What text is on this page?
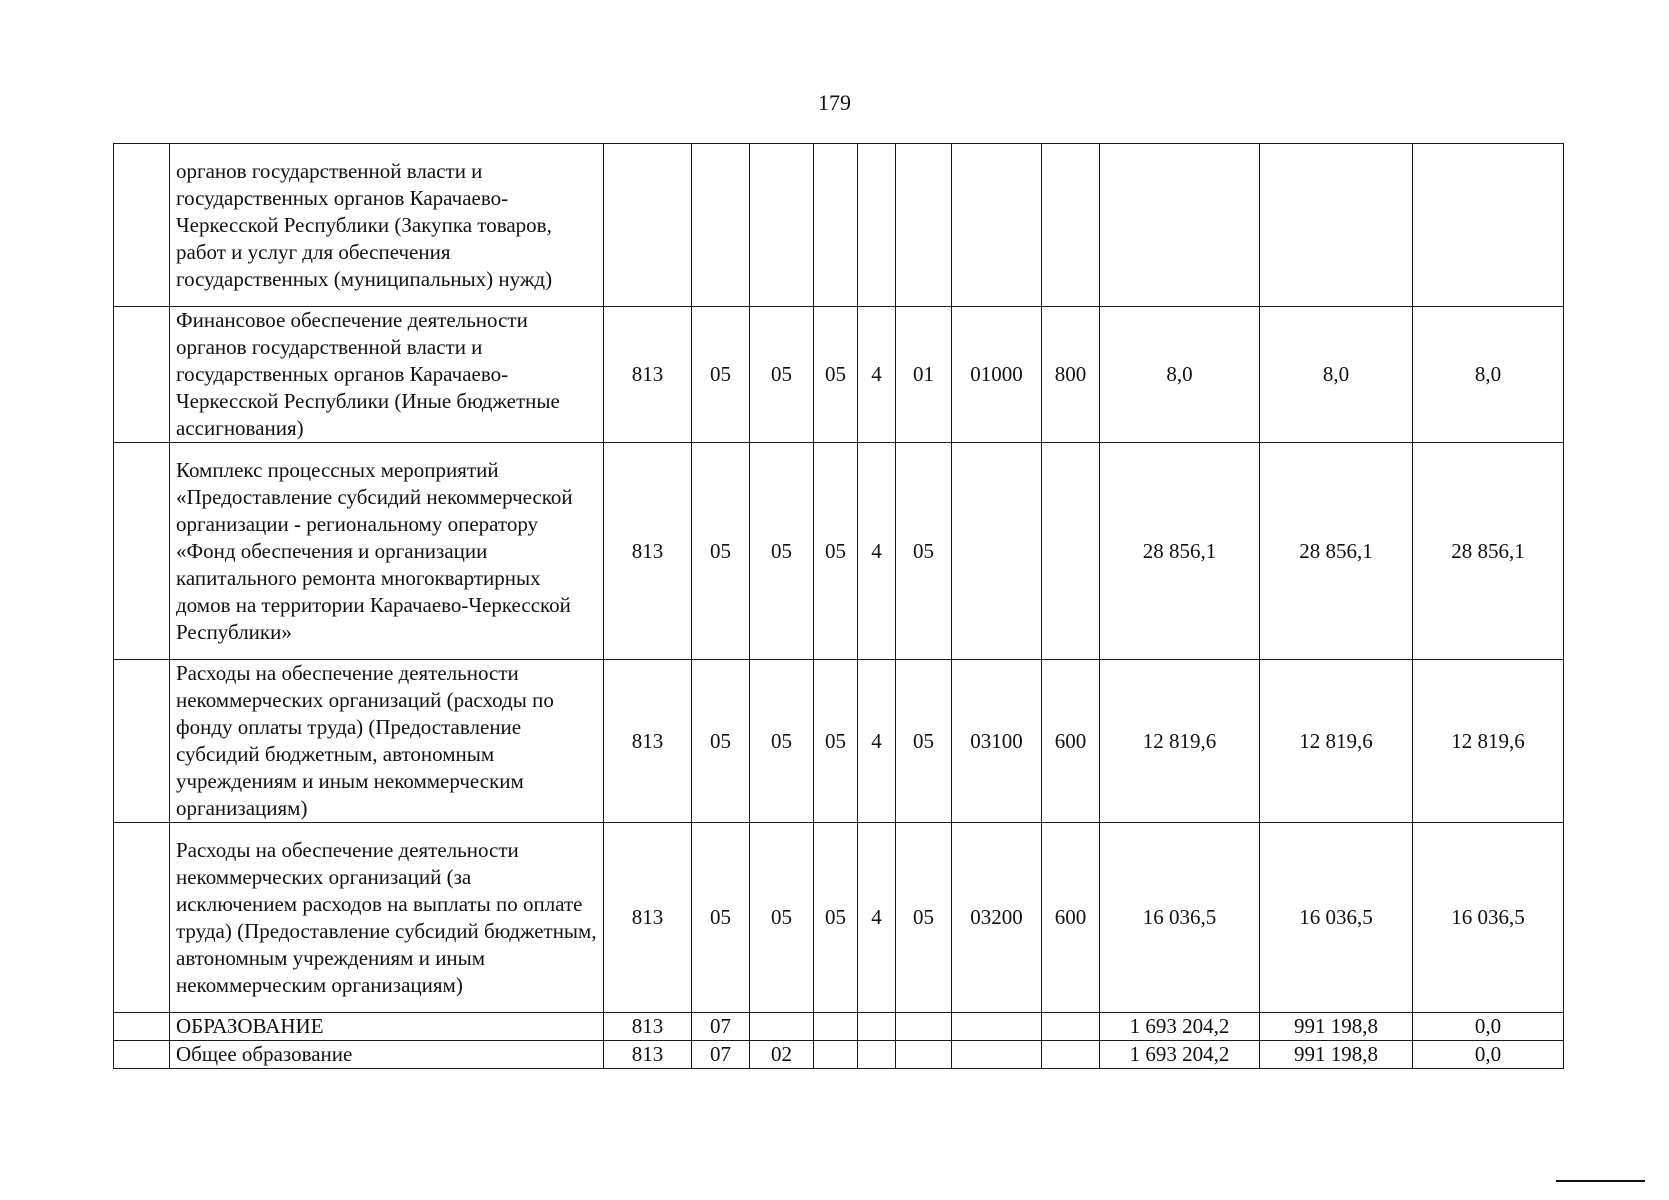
179
	органов государственной власти и государственных органов Карачаево-Черкесской Республики (Закупка товаров, работ и услуг для обеспечения государственных (муниципальных) нужд)											
	Финансовое обеспечение деятельности органов государственной власти и государственных органов Карачаево-Черкесской Республики (Иные бюджетные ассигнования)	813	05	05	05	4	01	01000	800	8,0	8,0	8,0
	Комплекс процессных мероприятий «Предоставление субсидий некоммерческой организации - региональному оператору «Фонд обеспечения и организации капитального ремонта многоквартирных домов на территории Карачаево-Черкесской Республики»	813	05	05	05	4	05			28 856,1	28 856,1	28 856,1
	Расходы на обеспечение деятельности некоммерческих организаций (расходы по фонду оплаты труда) (Предоставление субсидий бюджетным, автономным учреждениям и иным некоммерческим организациям)	813	05	05	05	4	05	03100	600	12 819,6	12 819,6	12 819,6
	Расходы на обеспечение деятельности некоммерческих организаций (за исключением расходов на выплаты по оплате труда) (Предоставление субсидий бюджетным, автономным учреждениям и иным некоммерческим организациям)	813	05	05	05	4	05	03200	600	16 036,5	16 036,5	16 036,5
	ОБРАЗОВАНИЕ	813	07							1 693 204,2	991 198,8	0,0
	Общее образование	813	07	02						1 693 204,2	991 198,8	0,0
